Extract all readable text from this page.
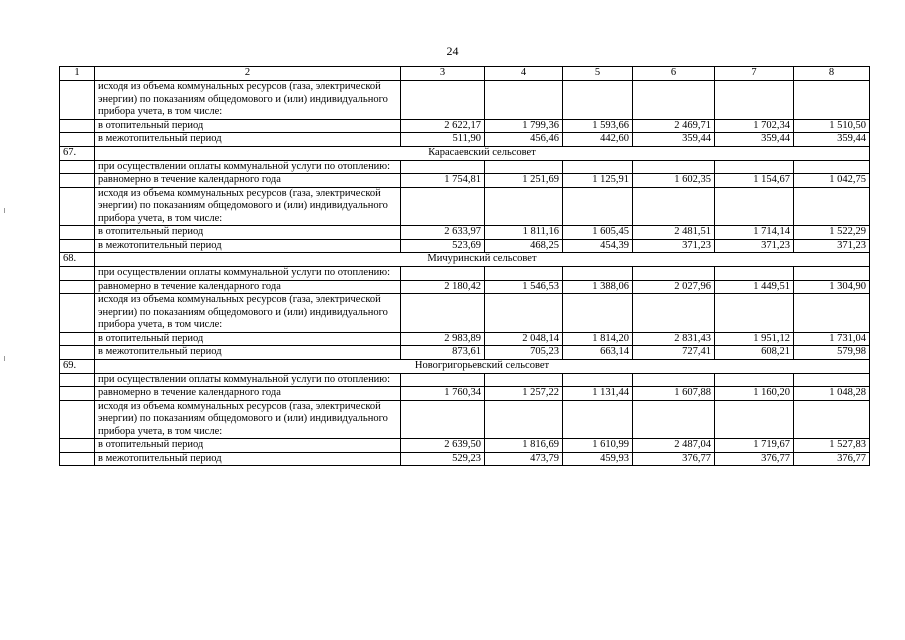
24
1	2	3	4	5	6	7	8
	исходя из объема коммунальных ресурсов (газа, электрической энергии) по показаниям общедомового и (или) индивидуального прибора учета, в том числе:						
	в отопительный период	2 622,17	1 799,36	1 593,66	2 469,71	1 702,34	1 510,50
	в межотопительный период	511,90	456,46	442,60	359,44	359,44	359,44
67.	Карасаевский сельсовет						
	при осуществлении оплаты коммунальной услуги по отоплению:						
	равномерно в течение календарного года	1 754,81	1 251,69	1 125,91	1 602,35	1 154,67	1 042,75
	исходя из объема коммунальных ресурсов (газа, электрической энергии) по показаниям общедомового и (или) индивидуального прибора учета, в том числе:						
	в отопительный период	2 633,97	1 811,16	1 605,45	2 481,51	1 714,14	1 522,29
	в межотопительный период	523,69	468,25	454,39	371,23	371,23	371,23
68.	Мичуринский сельсовет						
	при осуществлении оплаты коммунальной услуги по отоплению:						
	равномерно в течение календарного года	2 180,42	1 546,53	1 388,06	2 027,96	1 449,51	1 304,90
	исходя из объема коммунальных ресурсов (газа, электрической энергии) по показаниям общедомового и (или) индивидуального прибора учета, в том числе:						
	в отопительный период	2 983,89	2 048,14	1 814,20	2 831,43	1 951,12	1 731,04
	в межотопительный период	873,61	705,23	663,14	727,41	608,21	579,98
69.	Новогригорьевский сельсовет						
	при осуществлении оплаты коммунальной услуги по отоплению:						
	равномерно в течение календарного года	1 760,34	1 257,22	1 131,44	1 607,88	1 160,20	1 048,28
	исходя из объема коммунальных ресурсов (газа, электрической энергии) по показаниям общедомового и (или) индивидуального прибора учета, в том числе:						
	в отопительный период	2 639,50	1 816,69	1 610,99	2 487,04	1 719,67	1 527,83
	в межотопительный период	529,23	473,79	459,93	376,77	376,77	376,77
